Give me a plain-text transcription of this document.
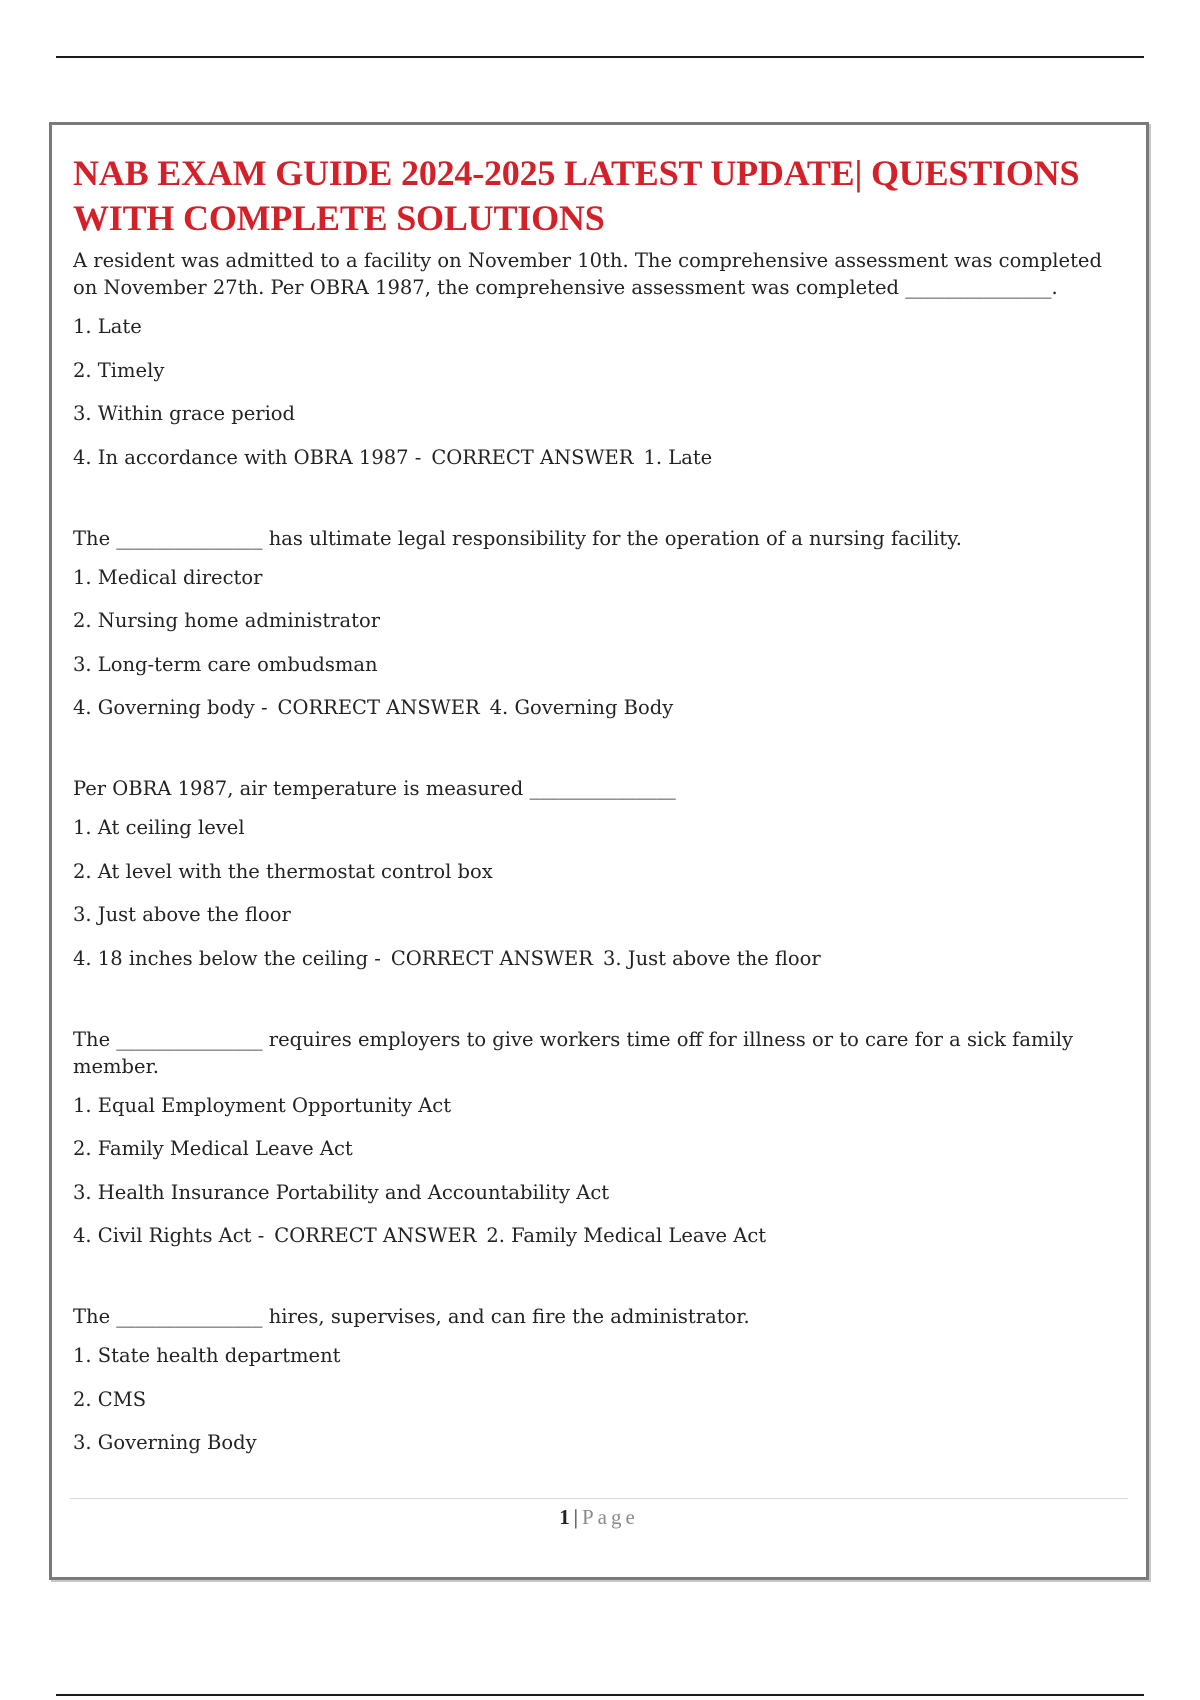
NAB EXAM GUIDE 2024-2025 LATEST UPDATE| QUESTIONS WITH COMPLETE SOLUTIONS

A resident was admitted to a facility on November 10th. The comprehensive assessment was completed on November 27th. Per OBRA 1987, the comprehensive assessment was completed _______________.

1. Late
2. Timely
3. Within grace period
4. In accordance with OBRA 1987 - CORRECT ANSWER 1. Late

The _______________ has ultimate legal responsibility for the operation of a nursing facility.

1. Medical director
2. Nursing home administrator
3. Long-term care ombudsman
4. Governing body - CORRECT ANSWER 4. Governing Body

Per OBRA 1987, air temperature is measured _______________

1. At ceiling level
2. At level with the thermostat control box
3. Just above the floor
4. 18 inches below the ceiling - CORRECT ANSWER 3. Just above the floor

The _______________ requires employers to give workers time off for illness or to care for a sick family member.

1. Equal Employment Opportunity Act
2. Family Medical Leave Act
3. Health Insurance Portability and Accountability Act
4. Civil Rights Act - CORRECT ANSWER 2. Family Medical Leave Act

The _______________ hires, supervises, and can fire the administrator.

1. State health department
2. CMS
3. Governing Body
1 | Page
